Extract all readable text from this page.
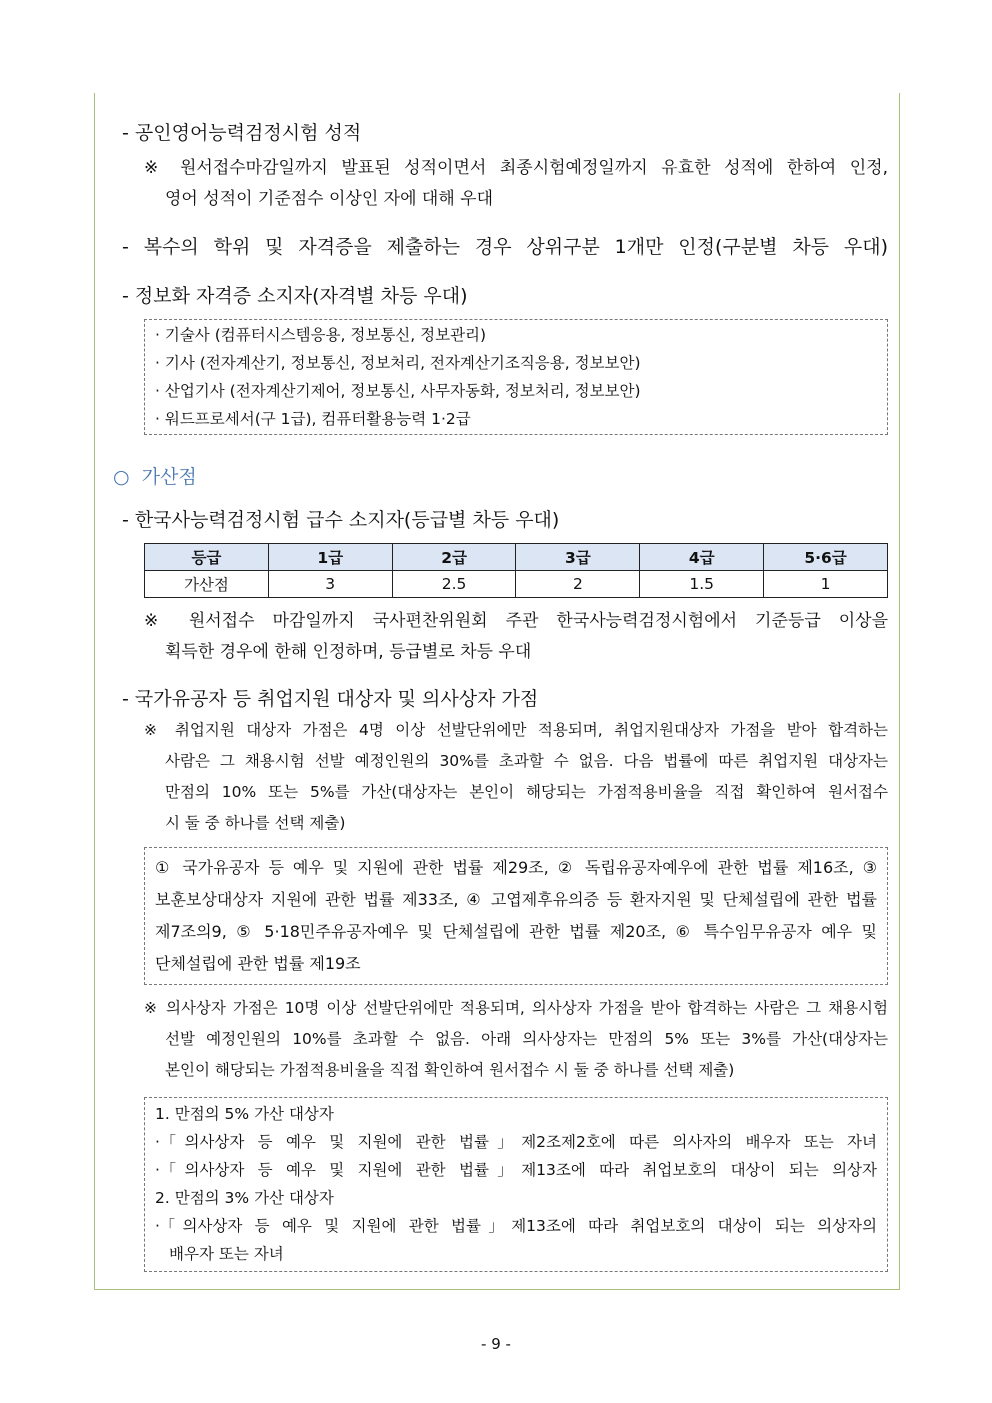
- 공인영어능력검정시험 성적
※ 원서접수마감일까지 발표된 성적이면서 최종시험예정일까지 유효한 성적에 한하여 인정,
영어 성적이 기준점수 이상인 자에 대해 우대
- 복수의 학위 및 자격증을 제출하는 경우 상위구분 1개만 인정(구분별 차등 우대)
- 정보화 자격증 소지자(자격별 차등 우대)
· 기술사 (컴퓨터시스템응용, 정보통신, 정보관리)
· 기사 (전자계산기, 정보통신, 정보처리, 전자계산기조직응용, 정보보안)
· 산업기사 (전자계산기제어, 정보통신, 사무자동화, 정보처리, 정보보안)
· 워드프로세서(구 1급), 컴퓨터활용능력 1·2급
○ 가산점
- 한국사능력검정시험 급수 소지자(등급별 차등 우대)
등급	1급	2급	3급	4급	5·6급
가산점	3	2.5	2	1.5	1
※ 원서접수 마감일까지 국사편찬위원회 주관 한국사능력검정시험에서 기준등급 이상을
획득한 경우에 한해 인정하며, 등급별로 차등 우대
- 국가유공자 등 취업지원 대상자 및 의사상자 가점
※ 취업지원 대상자 가점은 4명 이상 선발단위에만 적용되며, 취업지원대상자 가점을 받아 합격하는
사람은 그 채용시험 선발 예정인원의 30%를 초과할 수 없음. 다음 법률에 따른 취업지원 대상자는
만점의 10% 또는 5%를 가산(대상자는 본인이 해당되는 가점적용비율을 직접 확인하여 원서접수
시 둘 중 하나를 선택 제출)
① 국가유공자 등 예우 및 지원에 관한 법률 제29조, ② 독립유공자예우에 관한 법률 제16조, ③
보훈보상대상자 지원에 관한 법률 제33조, ④ 고엽제후유의증 등 환자지원 및 단체설립에 관한 법률
제7조의9, ⑤ 5·18민주유공자예우 및 단체설립에 관한 법률 제20조, ⑥ 특수임무유공자 예우 및
단체설립에 관한 법률 제19조
※ 의사상자 가점은 10명 이상 선발단위에만 적용되며, 의사상자 가점을 받아 합격하는 사람은 그 채용시험
선발 예정인원의 10%를 초과할 수 없음. 아래 의사상자는 만점의 5% 또는 3%를 가산(대상자는
본인이 해당되는 가점적용비율을 직접 확인하여 원서접수 시 둘 중 하나를 선택 제출)
1. 만점의 5% 가산 대상자
·「의사상자 등 예우 및 지원에 관한 법률」제2조제2호에 따른 의사자의 배우자 또는 자녀
·「의사상자 등 예우 및 지원에 관한 법률」제13조에 따라 취업보호의 대상이 되는 의상자
2. 만점의 3% 가산 대상자
·「의사상자 등 예우 및 지원에 관한 법률」제13조에 따라 취업보호의 대상이 되는 의상자의
배우자 또는 자녀
- 9 -
